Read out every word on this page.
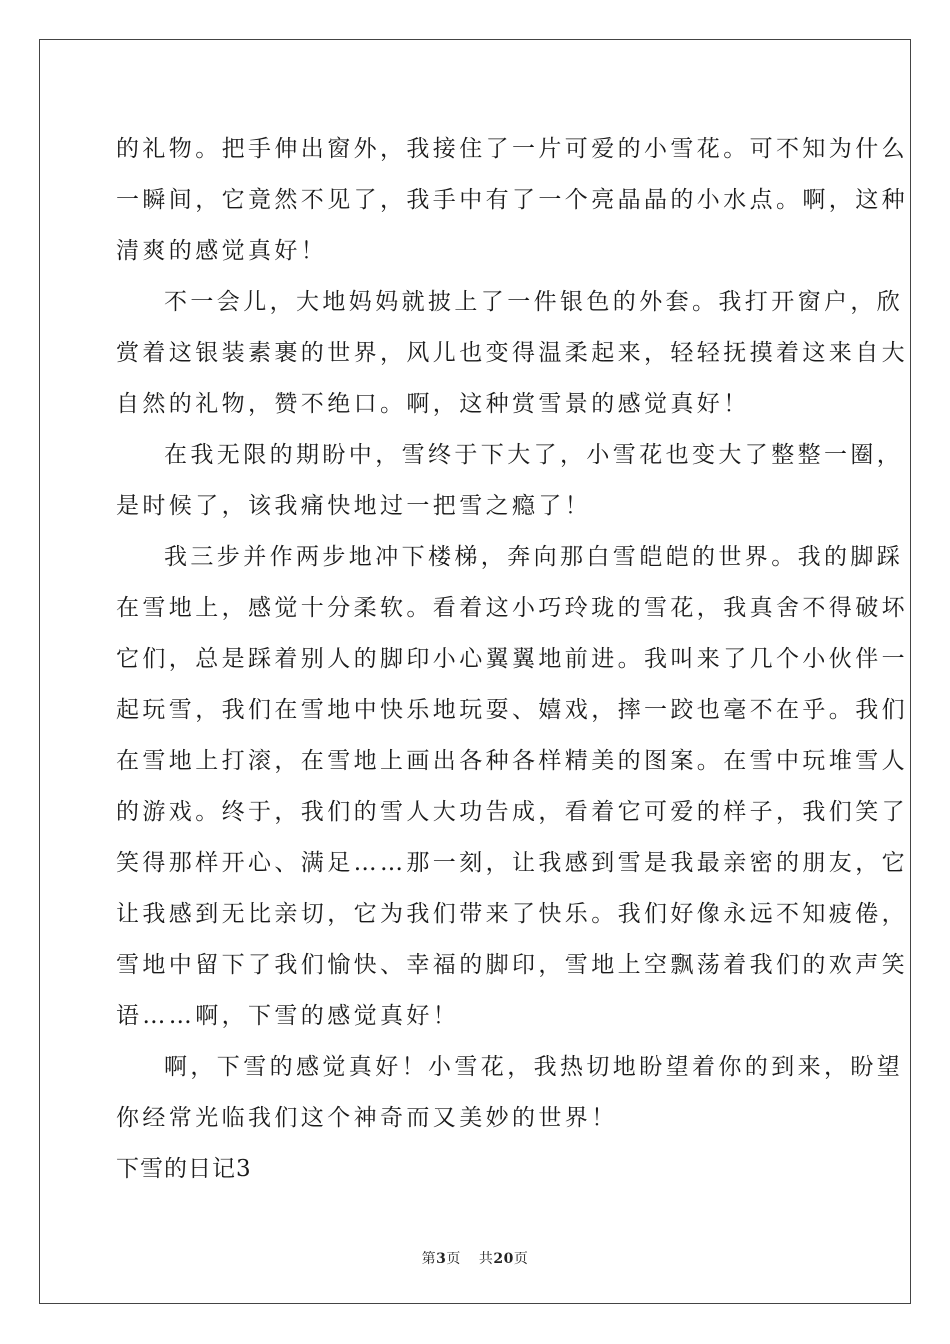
的礼物。把手伸出窗外，我接住了一片可爱的小雪花。可不知为什么
一瞬间，它竟然不见了，我手中有了一个亮晶晶的小水点。啊，这种
清爽的感觉真好！
不一会儿，大地妈妈就披上了一件银色的外套。我打开窗户，欣
赏着这银装素裹的世界，风儿也变得温柔起来，轻轻抚摸着这来自大
自然的礼物，赞不绝口。啊，这种赏雪景的感觉真好！
在我无限的期盼中，雪终于下大了，小雪花也变大了整整一圈，
是时候了，该我痛快地过一把雪之瘾了！
我三步并作两步地冲下楼梯，奔向那白雪皑皑的世界。我的脚踩
在雪地上，感觉十分柔软。看着这小巧玲珑的雪花，我真舍不得破坏
它们，总是踩着别人的脚印小心翼翼地前进。我叫来了几个小伙伴一
起玩雪，我们在雪地中快乐地玩耍、嬉戏，摔一跤也毫不在乎。我们
在雪地上打滚，在雪地上画出各种各样精美的图案。在雪中玩堆雪人
的游戏。终于，我们的雪人大功告成，看着它可爱的样子，我们笑了
笑得那样开心、满足……那一刻，让我感到雪是我最亲密的朋友，它
让我感到无比亲切，它为我们带来了快乐。我们好像永远不知疲倦，
雪地中留下了我们愉快、幸福的脚印，雪地上空飘荡着我们的欢声笑
语……啊，下雪的感觉真好！
啊，下雪的感觉真好！小雪花，我热切地盼望着你的到来，盼望
你经常光临我们这个神奇而又美妙的世界！
下雪的日记3
第3页 共20页
